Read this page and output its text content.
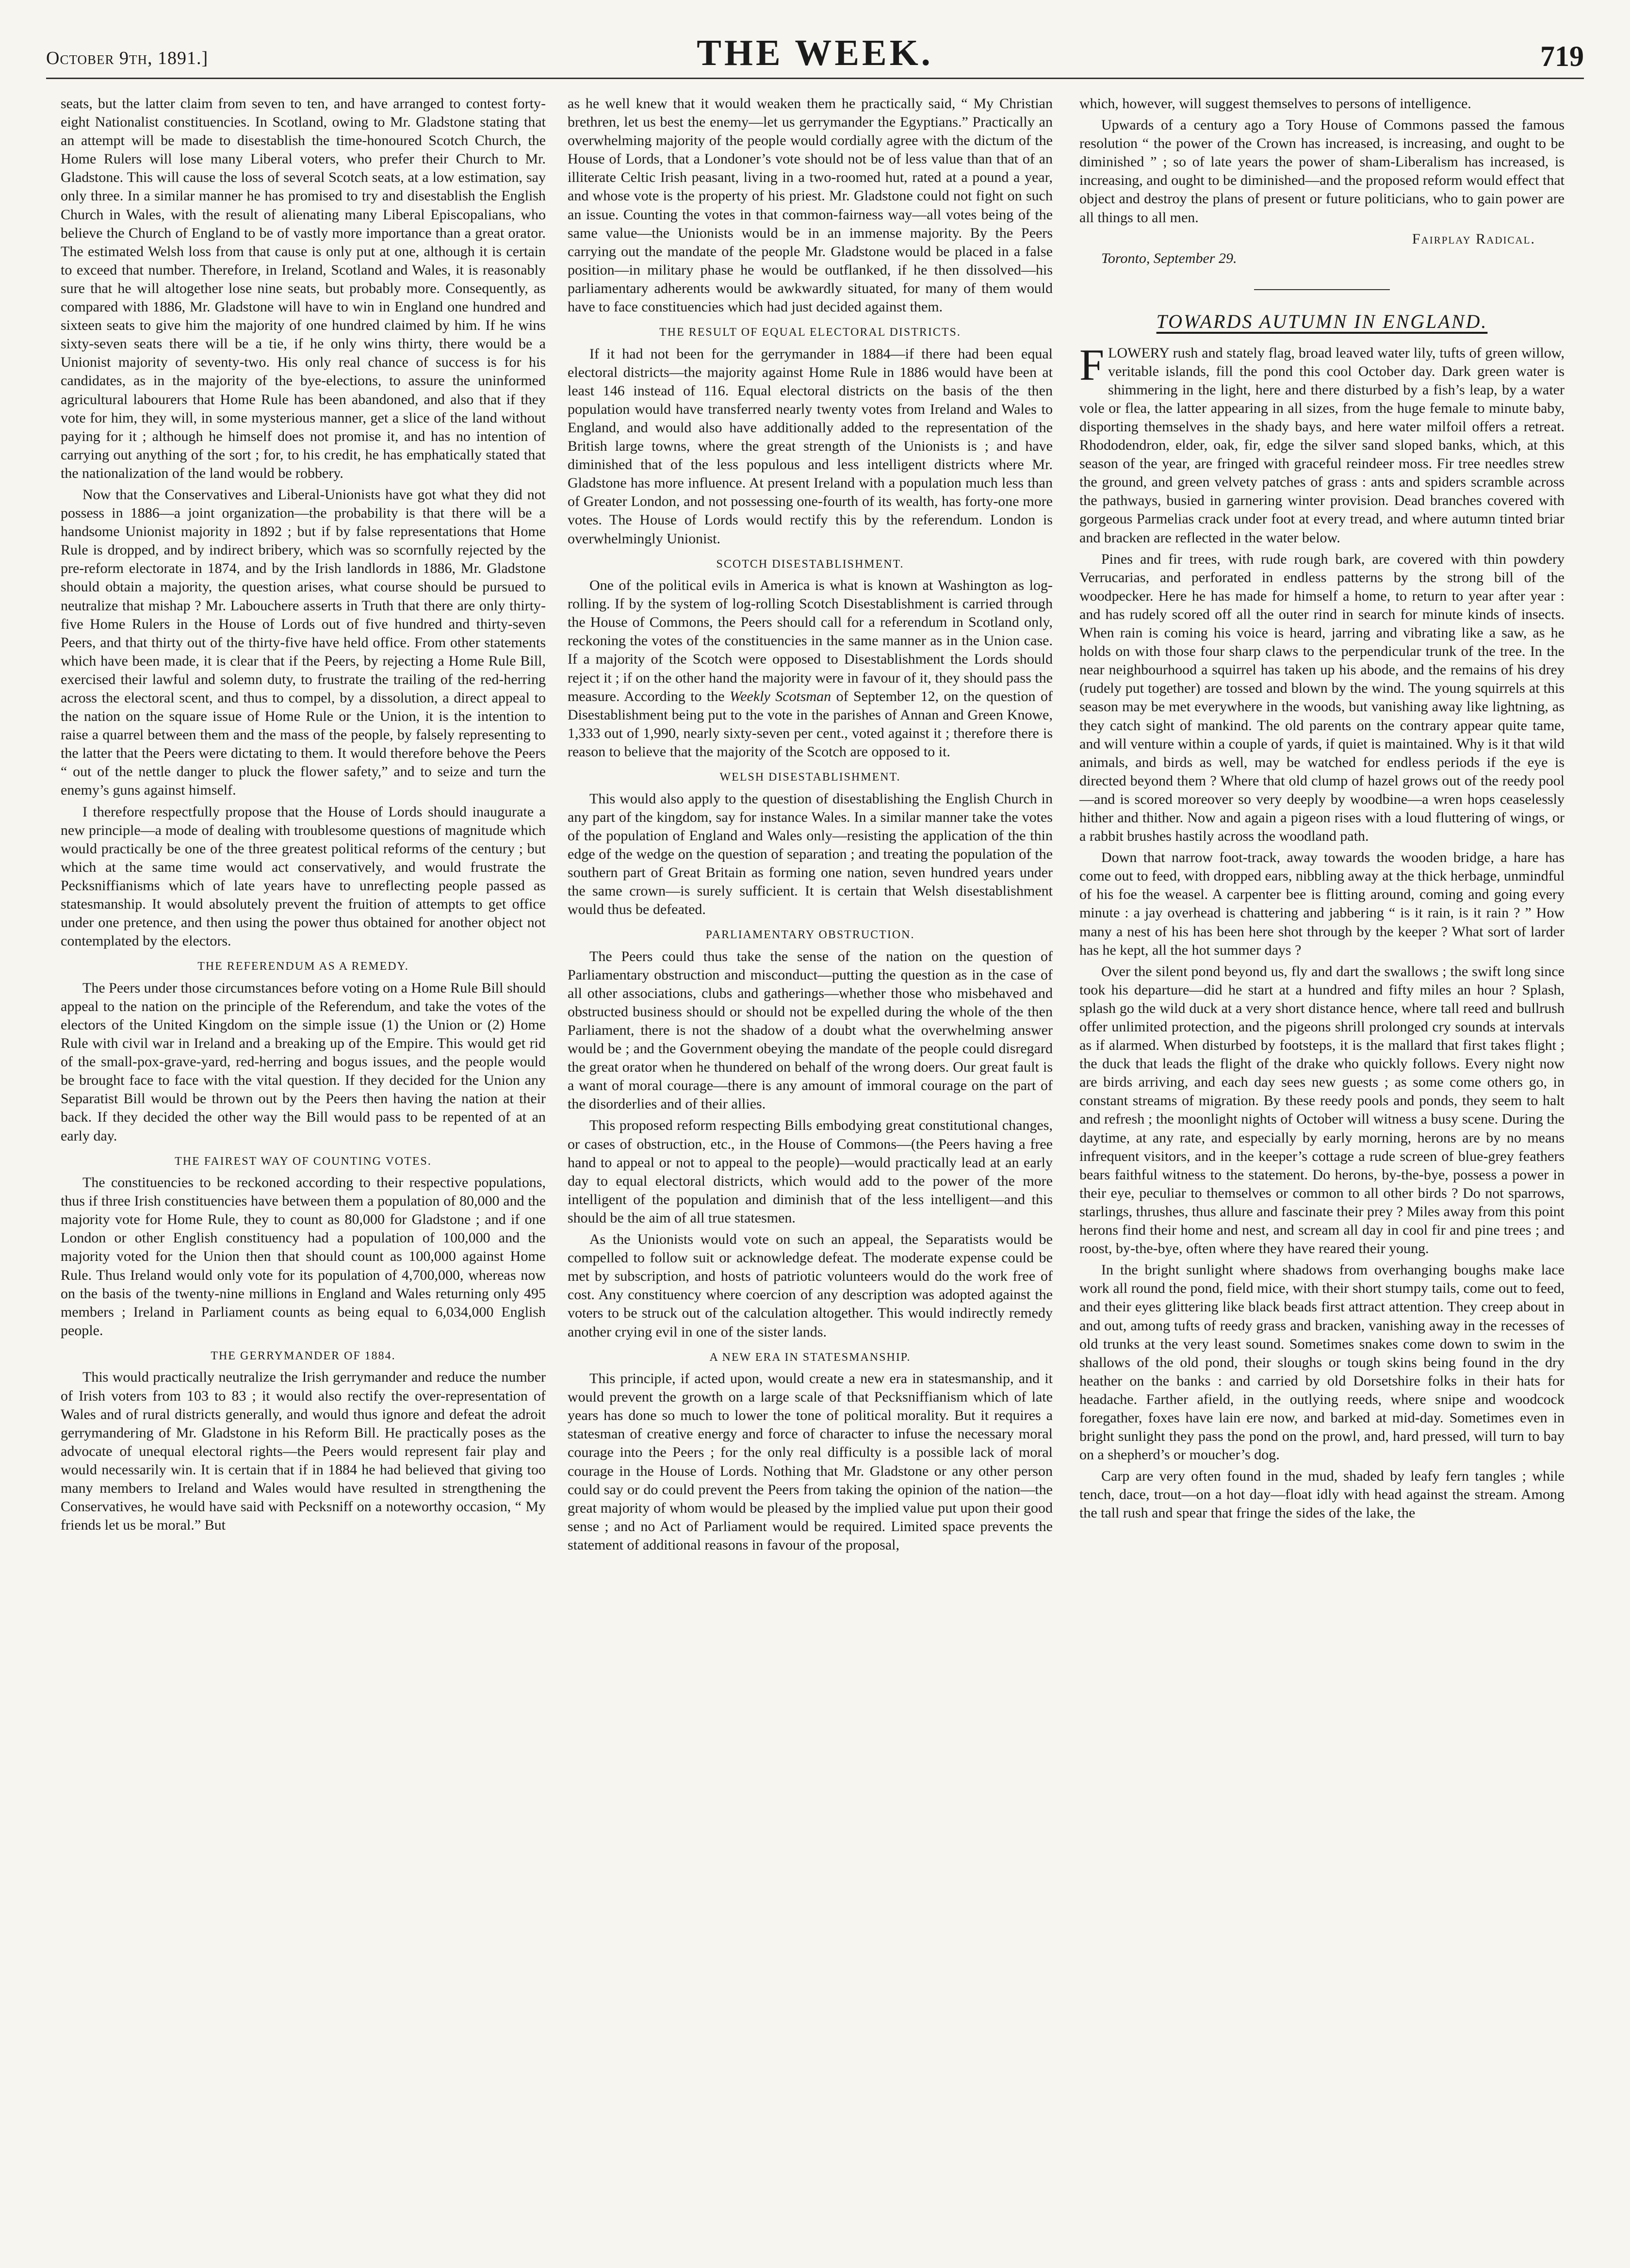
October 9th, 1891.]	THE WEEK.	719

seats, but the latter claim from seven to ten, and have arranged to contest forty-eight Nationalist constituencies. In Scotland, owing to Mr. Gladstone stating that an attempt will be made to disestablish the time-honoured Scotch Church, the Home Rulers will lose many Liberal voters, who prefer their Church to Mr. Gladstone. This will cause the loss of several Scotch seats, at a low estimation, say only three. In a similar manner he has promised to try and disestablish the English Church in Wales, with the result of alienating many Liberal Episcopalians, who believe the Church of England to be of vastly more importance than a great orator. The estimated Welsh loss from that cause is only put at one, although it is certain to exceed that number. Therefore, in Ireland, Scotland and Wales, it is reasonably sure that he will altogether lose nine seats, but probably more. Consequently, as compared with 1886, Mr. Gladstone will have to win in England one hundred and sixteen seats to give him the majority of one hundred claimed by him. If he wins sixty-seven seats there will be a tie, if he only wins thirty, there would be a Unionist majority of seventy-two. His only real chance of success is for his candidates, as in the majority of the bye-elections, to assure the uninformed agricultural labourers that Home Rule has been abandoned, and also that if they vote for him, they will, in some mysterious manner, get a slice of the land without paying for it ; although he himself does not promise it, and has no intention of carrying out anything of the sort ; for, to his credit, he has emphatically stated that the nationalization of the land would be robbery.

Now that the Conservatives and Liberal-Unionists have got what they did not possess in 1886—a joint organization—the probability is that there will be a handsome Unionist majority in 1892 ; but if by false representations that Home Rule is dropped, and by indirect bribery, which was so scornfully rejected by the pre-reform electorate in 1874, and by the Irish landlords in 1886, Mr. Gladstone should obtain a majority, the question arises, what course should be pursued to neutralize that mishap ? Mr. Labouchere asserts in Truth that there are only thirty-five Home Rulers in the House of Lords out of five hundred and thirty-seven Peers, and that thirty out of the thirty-five have held office. From other statements which have been made, it is clear that if the Peers, by rejecting a Home Rule Bill, exercised their lawful and solemn duty, to frustrate the trailing of the red-herring across the electoral scent, and thus to compel, by a dissolution, a direct appeal to the nation on the square issue of Home Rule or the Union, it is the intention to raise a quarrel between them and the mass of the people, by falsely representing to the latter that the Peers were dictating to them. It would therefore behove the Peers “ out of the nettle danger to pluck the flower safety,” and to seize and turn the enemy’s guns against himself.

I therefore respectfully propose that the House of Lords should inaugurate a new principle—a mode of dealing with troublesome questions of magnitude which would practically be one of the three greatest political reforms of the century ; but which at the same time would act conservatively, and would frustrate the Pecksniffianisms which of late years have to unreflecting people passed as statesmanship. It would absolutely prevent the fruition of attempts to get office under one pretence, and then using the power thus obtained for another object not contemplated by the electors.

THE REFERENDUM AS A REMEDY.

The Peers under those circumstances before voting on a Home Rule Bill should appeal to the nation on the principle of the Referendum, and take the votes of the electors of the United Kingdom on the simple issue (1) the Union or (2) Home Rule with civil war in Ireland and a breaking up of the Empire. This would get rid of the small-pox-grave-yard, red-herring and bogus issues, and the people would be brought face to face with the vital question. If they decided for the Union any Separatist Bill would be thrown out by the Peers then having the nation at their back. If they decided the other way the Bill would pass to be repented of at an early day.

THE FAIREST WAY OF COUNTING VOTES.

The constituencies to be reckoned according to their respective populations, thus if three Irish constituencies have between them a population of 80,000 and the majority vote for Home Rule, they to count as 80,000 for Gladstone ; and if one London or other English constituency had a population of 100,000 and the majority voted for the Union then that should count as 100,000 against Home Rule. Thus Ireland would only vote for its population of 4,700,000, whereas now on the basis of the twenty-nine millions in England and Wales returning only 495 members ; Ireland in Parliament counts as being equal to 6,034,000 English people.

THE GERRYMANDER OF 1884.

This would practically neutralize the Irish gerrymander and reduce the number of Irish voters from 103 to 83 ; it would also rectify the over-representation of Wales and of rural districts generally, and would thus ignore and defeat the adroit gerrymandering of Mr. Gladstone in his Reform Bill. He practically poses as the advocate of unequal electoral rights—the Peers would represent fair play and would necessarily win. It is certain that if in 1884 he had believed that giving too many members to Ireland and Wales would have resulted in strengthening the Conservatives, he would have said with Pecksniff on a noteworthy occasion, “ My friends let us be moral.” But

as he well knew that it would weaken them he practically said, “ My Christian brethren, let us best the enemy—let us gerrymander the Egyptians.” Practically an overwhelming majority of the people would cordially agree with the dictum of the House of Lords, that a Londoner’s vote should not be of less value than that of an illiterate Celtic Irish peasant, living in a two-roomed hut, rated at a pound a year, and whose vote is the property of his priest. Mr. Gladstone could not fight on such an issue. Counting the votes in that common-fairness way—all votes being of the same value—the Unionists would be in an immense majority. By the Peers carrying out the mandate of the people Mr. Gladstone would be placed in a false position—in military phase he would be outflanked, if he then dissolved—his parliamentary adherents would be awkwardly situated, for many of them would have to face constituencies which had just decided against them.

THE RESULT OF EQUAL ELECTORAL DISTRICTS.

If it had not been for the gerrymander in 1884—if there had been equal electoral districts—the majority against Home Rule in 1886 would have been at least 146 instead of 116. Equal electoral districts on the basis of the then population would have transferred nearly twenty votes from Ireland and Wales to England, and would also have additionally added to the representation of the British large towns, where the great strength of the Unionists is ; and have diminished that of the less populous and less intelligent districts where Mr. Gladstone has more influence. At present Ireland with a population much less than of Greater London, and not possessing one-fourth of its wealth, has forty-one more votes. The House of Lords would rectify this by the referendum. London is overwhelmingly Unionist.

SCOTCH DISESTABLISHMENT.

One of the political evils in America is what is known at Washington as log-rolling. If by the system of log-rolling Scotch Disestablishment is carried through the House of Commons, the Peers should call for a referendum in Scotland only, reckoning the votes of the constituencies in the same manner as in the Union case. If a majority of the Scotch were opposed to Disestablishment the Lords should reject it ; if on the other hand the majority were in favour of it, they should pass the measure. According to the Weekly Scotsman of September 12, on the question of Disestablishment being put to the vote in the parishes of Annan and Green Knowe, 1,333 out of 1,990, nearly sixty-seven per cent., voted against it ; therefore there is reason to believe that the majority of the Scotch are opposed to it.

WELSH DISESTABLISHMENT.

This would also apply to the question of disestablishing the English Church in any part of the kingdom, say for instance Wales. In a similar manner take the votes of the population of England and Wales only—resisting the application of the thin edge of the wedge on the question of separation ; and treating the population of the southern part of Great Britain as forming one nation, seven hundred years under the same crown—is surely sufficient. It is certain that Welsh disestablishment would thus be defeated.

PARLIAMENTARY OBSTRUCTION.

The Peers could thus take the sense of the nation on the question of Parliamentary obstruction and misconduct—putting the question as in the case of all other associations, clubs and gatherings—whether those who misbehaved and obstructed business should or should not be expelled during the whole of the then Parliament, there is not the shadow of a doubt what the overwhelming answer would be ; and the Government obeying the mandate of the people could disregard the great orator when he thundered on behalf of the wrong doers. Our great fault is a want of moral courage—there is any amount of immoral courage on the part of the disorderlies and of their allies.

This proposed reform respecting Bills embodying great constitutional changes, or cases of obstruction, etc., in the House of Commons—(the Peers having a free hand to appeal or not to appeal to the people)—would practically lead at an early day to equal electoral districts, which would add to the power of the more intelligent of the population and diminish that of the less intelligent—and this should be the aim of all true statesmen.

As the Unionists would vote on such an appeal, the Separatists would be compelled to follow suit or acknowledge defeat. The moderate expense could be met by subscription, and hosts of patriotic volunteers would do the work free of cost. Any constituency where coercion of any description was adopted against the voters to be struck out of the calculation altogether. This would indirectly remedy another crying evil in one of the sister lands.

A NEW ERA IN STATESMANSHIP.

This principle, if acted upon, would create a new era in statesmanship, and it would prevent the growth on a large scale of that Pecksniffianism which of late years has done so much to lower the tone of political morality. But it requires a statesman of creative energy and force of character to infuse the necessary moral courage into the Peers ; for the only real difficulty is a possible lack of moral courage in the House of Lords. Nothing that Mr. Gladstone or any other person could say or do could prevent the Peers from taking the opinion of the nation—the great majority of whom would be pleased by the implied value put upon their good sense ; and no Act of Parliament would be required. Limited space prevents the statement of additional reasons in favour of the proposal,

which, however, will suggest themselves to persons of intelligence.

Upwards of a century ago a Tory House of Commons passed the famous resolution “ the power of the Crown has increased, is increasing, and ought to be diminished ” ; so of late years the power of sham-Liberalism has increased, is increasing, and ought to be diminished—and the proposed reform would effect that object and destroy the plans of present or future politicians, who to gain power are all things to all men.

Fairplay Radical.

Toronto, September 29.

TOWARDS AUTUMN IN ENGLAND.

FLOWERY rush and stately flag, broad leaved water lily, tufts of green willow, veritable islands, fill the pond this cool October day. Dark green water is shimmering in the light, here and there disturbed by a fish’s leap, by a water vole or flea, the latter appearing in all sizes, from the huge female to minute baby, disporting themselves in the shady bays, and here water milfoil offers a retreat. Rhododendron, elder, oak, fir, edge the silver sand sloped banks, which, at this season of the year, are fringed with graceful reindeer moss. Fir tree needles strew the ground, and green velvety patches of grass : ants and spiders scramble across the pathways, busied in garnering winter provision. Dead branches covered with gorgeous Parmelias crack under foot at every tread, and where autumn tinted briar and bracken are reflected in the water below.

Pines and fir trees, with rude rough bark, are covered with thin powdery Verrucarias, and perforated in endless patterns by the strong bill of the woodpecker. Here he has made for himself a home, to return to year after year : and has rudely scored off all the outer rind in search for minute kinds of insects. When rain is coming his voice is heard, jarring and vibrating like a saw, as he holds on with those four sharp claws to the perpendicular trunk of the tree. In the near neighbourhood a squirrel has taken up his abode, and the remains of his drey (rudely put together) are tossed and blown by the wind. The young squirrels at this season may be met everywhere in the woods, but vanishing away like lightning, as they catch sight of mankind. The old parents on the contrary appear quite tame, and will venture within a couple of yards, if quiet is maintained. Why is it that wild animals, and birds as well, may be watched for endless periods if the eye is directed beyond them ? Where that old clump of hazel grows out of the reedy pool—and is scored moreover so very deeply by woodbine—a wren hops ceaselessly hither and thither. Now and again a pigeon rises with a loud fluttering of wings, or a rabbit brushes hastily across the woodland path.

Down that narrow foot-track, away towards the wooden bridge, a hare has come out to feed, with dropped ears, nibbling away at the thick herbage, unmindful of his foe the weasel. A carpenter bee is flitting around, coming and going every minute : a jay overhead is chattering and jabbering “ is it rain, is it rain ? ” How many a nest of his has been here shot through by the keeper ? What sort of larder has he kept, all the hot summer days ?

Over the silent pond beyond us, fly and dart the swallows ; the swift long since took his departure—did he start at a hundred and fifty miles an hour ? Splash, splash go the wild duck at a very short distance hence, where tall reed and bullrush offer unlimited protection, and the pigeons shrill prolonged cry sounds at intervals as if alarmed. When disturbed by footsteps, it is the mallard that first takes flight ; the duck that leads the flight of the drake who quickly follows. Every night now are birds arriving, and each day sees new guests ; as some come others go, in constant streams of migration. By these reedy pools and ponds, they seem to halt and refresh ; the moonlight nights of October will witness a busy scene. During the daytime, at any rate, and especially by early morning, herons are by no means infrequent visitors, and in the keeper’s cottage a rude screen of blue-grey feathers bears faithful witness to the statement. Do herons, by-the-bye, possess a power in their eye, peculiar to themselves or common to all other birds ? Do not sparrows, starlings, thrushes, thus allure and fascinate their prey ? Miles away from this point herons find their home and nest, and scream all day in cool fir and pine trees ; and roost, by-the-bye, often where they have reared their young.

In the bright sunlight where shadows from overhanging boughs make lace work all round the pond, field mice, with their short stumpy tails, come out to feed, and their eyes glittering like black beads first attract attention. They creep about in and out, among tufts of reedy grass and bracken, vanishing away in the recesses of old trunks at the very least sound. Sometimes snakes come down to swim in the shallows of the old pond, their sloughs or tough skins being found in the dry heather on the banks : and carried by old Dorsetshire folks in their hats for headache. Farther afield, in the outlying reeds, where snipe and woodcock foregather, foxes have lain ere now, and barked at mid-day. Sometimes even in bright sunlight they pass the pond on the prowl, and, hard pressed, will turn to bay on a shepherd’s or moucher’s dog.

Carp are very often found in the mud, shaded by leafy fern tangles ; while tench, dace, trout—on a hot day—float idly with head against the stream. Among the tall rush and spear that fringe the sides of the lake, the
